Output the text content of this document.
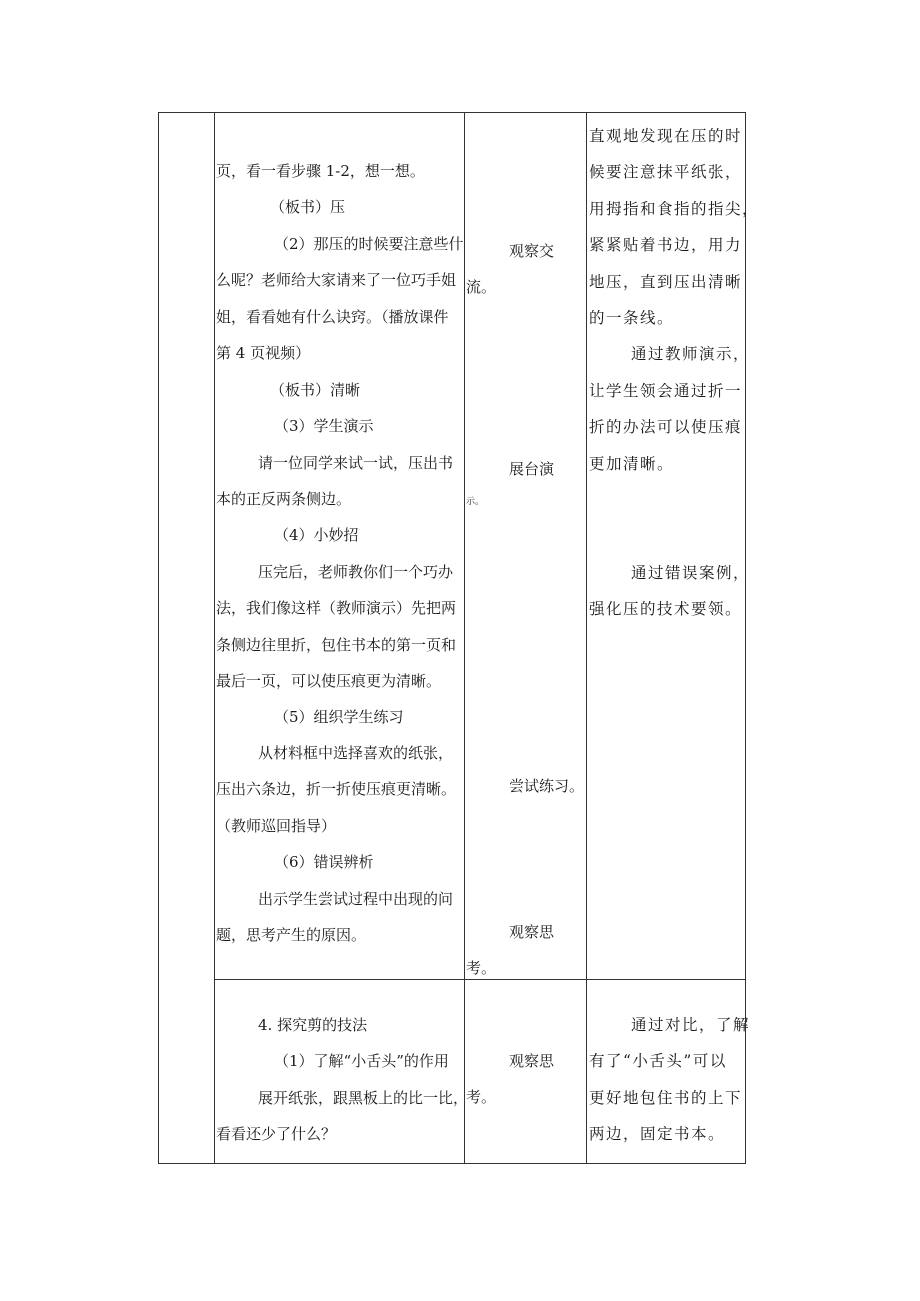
页，看一看步骤 1-2，想一想。
（板书）压
（2）那压的时候要注意些什
么呢？老师给大家请来了一位巧手姐
姐，看看她有什么诀窍。（播放课件
第 4 页视频）
（板书）清晰
（3）学生演示
请一位同学来试一试，压出书
本的正反两条侧边。
（4）小妙招
压完后，老师教你们一个巧办
法，我们像这样（教师演示）先把两
条侧边往里折，包住书本的第一页和
最后一页，可以使压痕更为清晰。
（5）组织学生练习
从材料框中选择喜欢的纸张，
压出六条边，折一折使压痕更清晰。
（教师巡回指导）
（6）错误辨析
出示学生尝试过程中出现的问
题，思考产生的原因。
4. 探究剪的技法
（1）了解“小舌头”的作用
展开纸张，跟黑板上的比一比，
看看还少了什么？
观察交
流。
展台演
示。
尝试练习。
观察思
考。
观察思
考。
直观地发现在压的时
候要注意抹平纸张，
用拇指和食指的指尖，
紧紧贴着书边，用力
地压，直到压出清晰
的一条线。
通过教师演示，
让学生领会通过折一
折的办法可以使压痕
更加清晰。
通过错误案例，
强化压的技术要领。
通过对比，了解
有了“小舌头”可以
更好地包住书的上下
两边，固定书本。
